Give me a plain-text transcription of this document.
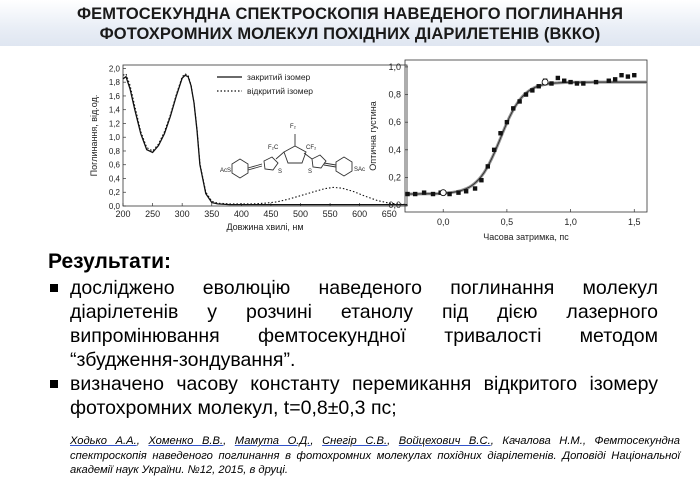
ФЕМТОСЕКУНДНА СПЕКТРОСКОПІЯ НАВЕДЕНОГО ПОГЛИНАННЯ
ФОТОХРОМНИХ МОЛЕКУЛ ПОХІДНИХ ДІАРИЛЕТЕНІВ (ВККО)
200 250 300 350 400 450 500 550 600 650
0,0
0,2
0,4
0,6
0,8
1,0
1,2
1,4
1,6
1,8
2,0
Довжина хвилі, нм
Поглинання, від.од.
закритий ізомер
відкритий ізомер
F₂
F₂C	CF₂
S	S
AcS	SAc
0,0	0,5	1,0	1,5
0,0
0,2
0,4
0,6
0,8
1,0
Часова затримка, пс
Оптична густина
Результати:
досліджено еволюцію наведеного поглинання молекул діарілетенів у розчині етанолу під дією лазерного випромінювання фемтосекундної тривалості методом “збудження-зондування”.
визначено часову константу перемикання відкритого ізомеру фотохромних молекул, t=0,8±0,3 пс;
Ходько А.А., Хоменко В.В., Мамута О.Д., Снегір С.В., Войцехович В.С., Качалова Н.М., Фемтосекундна спектроскопія наведеного поглинання в фотохромних молекулах похідних діарілетенів. Доповіді Національної академії наук України. №12, 2015, в друці.
